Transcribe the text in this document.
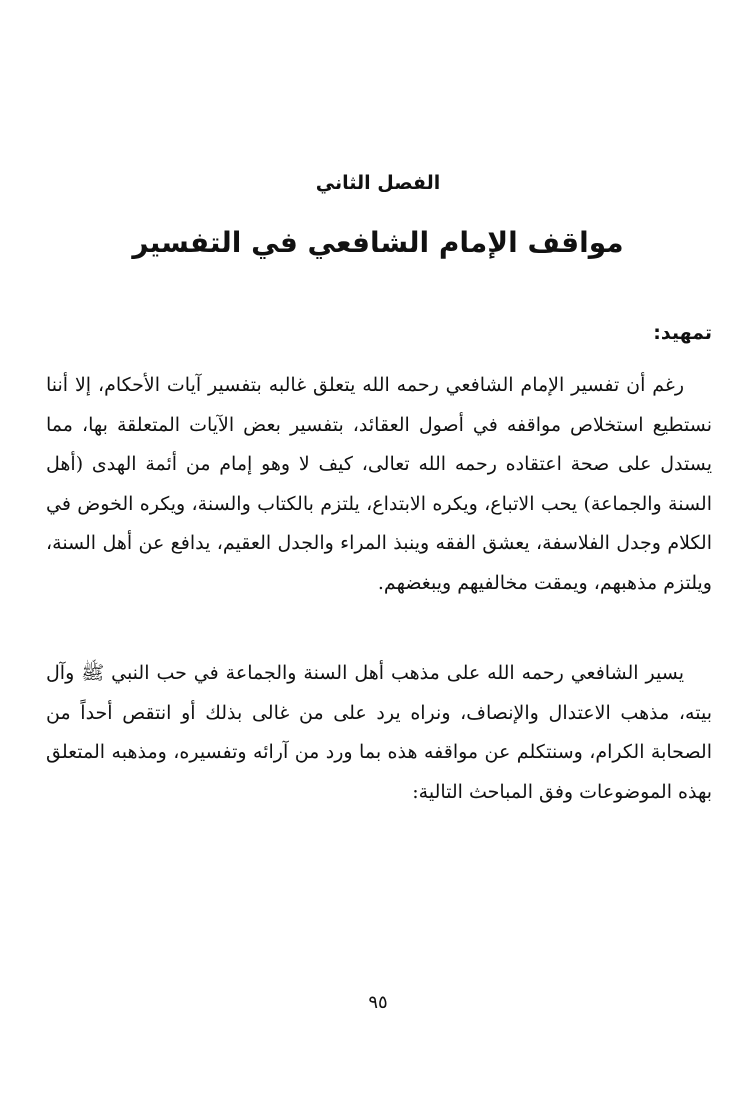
الفصل الثاني
مواقف الإمام الشافعي في التفسير
تمهيد:

رغم أن تفسير الإمام الشافعي رحمه الله يتعلق غالبه بتفسير آيات الأحكام، إلا أننا نستطيع استخلاص مواقفه في أصول العقائد، بتفسير بعض الآيات المتعلقة بها، مما يستدل على صحة اعتقاده رحمه الله تعالى، كيف لا وهو إمام من أئمة الهدى (أهل السنة والجماعة) يحب الاتباع، ويكره الابتداع، يلتزم بالكتاب والسنة، ويكره الخوض في الكلام وجدل الفلاسفة، يعشق الفقه وينبذ المراء والجدل العقيم، يدافع عن أهل السنة، ويلتزم مذهبهم، ويمقت مخالفيهم ويبغضهم.

يسير الشافعي رحمه الله على مذهب أهل السنة والجماعة في حب النبي ﷺ وآل بيته، مذهب الاعتدال والإنصاف، ونراه يرد على من غالى بذلك أو انتقص أحداً من الصحابة الكرام، وسنتكلم عن مواقفه هذه بما ورد من آرائه وتفسيره، ومذهبه المتعلق بهذه الموضوعات وفق المباحث التالية:

٩٥
